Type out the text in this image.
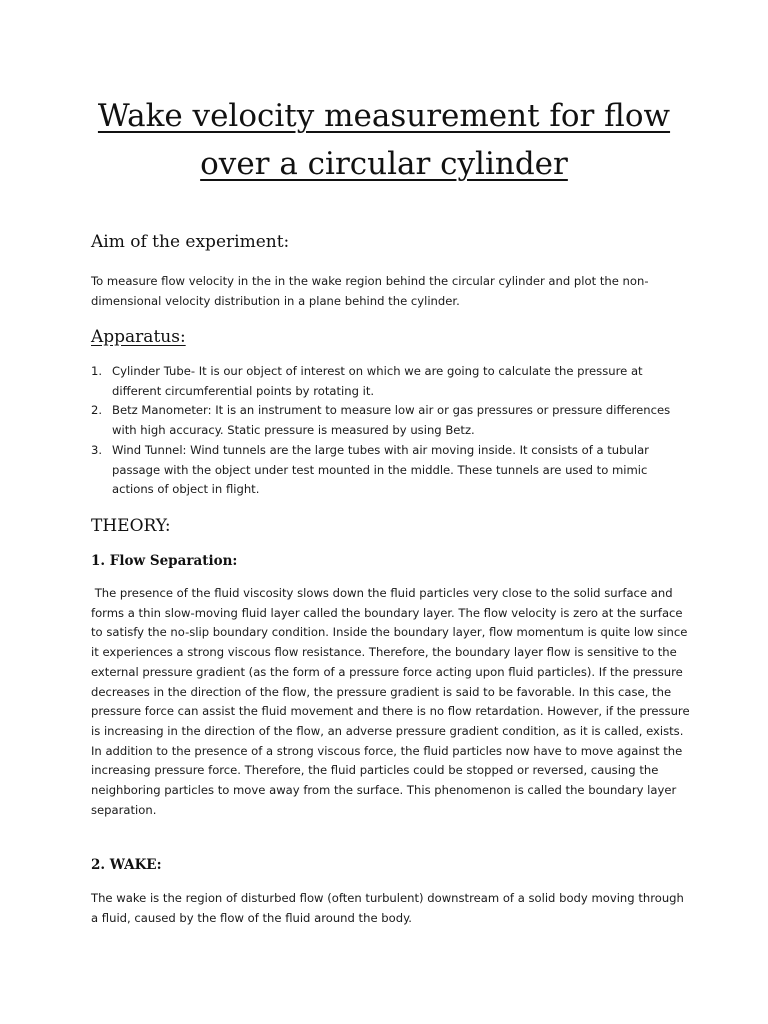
Wake velocity measurement for flow over a circular cylinder
Aim of the experiment:

To measure flow velocity in the in the wake region behind the circular cylinder and plot the non-dimensional velocity distribution in a plane behind the cylinder.

Apparatus:
1. Cylinder Tube- It is our object of interest on which we are going to calculate the pressure at different circumferential points by rotating it.
2. Betz Manometer: It is an instrument to measure low air or gas pressures or pressure differences with high accuracy. Static pressure is measured by using Betz.
3. Wind Tunnel: Wind tunnels are the large tubes with air moving inside. It consists of a tubular passage with the object under test mounted in the middle. These tunnels are used to mimic actions of object in flight.
THEORY:
1. Flow Separation:

The presence of the fluid viscosity slows down the fluid particles very close to the solid surface and forms a thin slow-moving fluid layer called the boundary layer. The flow velocity is zero at the surface to satisfy the no-slip boundary condition. Inside the boundary layer, flow momentum is quite low since it experiences a strong viscous flow resistance. Therefore, the boundary layer flow is sensitive to the external pressure gradient (as the form of a pressure force acting upon fluid particles). If the pressure decreases in the direction of the flow, the pressure gradient is said to be favorable. In this case, the pressure force can assist the fluid movement and there is no flow retardation. However, if the pressure is increasing in the direction of the flow, an adverse pressure gradient condition, as it is called, exists. In addition to the presence of a strong viscous force, the fluid particles now have to move against the increasing pressure force. Therefore, the fluid particles could be stopped or reversed, causing the neighboring particles to move away from the surface. This phenomenon is called the boundary layer separation.

2. WAKE:

The wake is the region of disturbed flow (often turbulent) downstream of a solid body moving through a fluid, caused by the flow of the fluid around the body.
